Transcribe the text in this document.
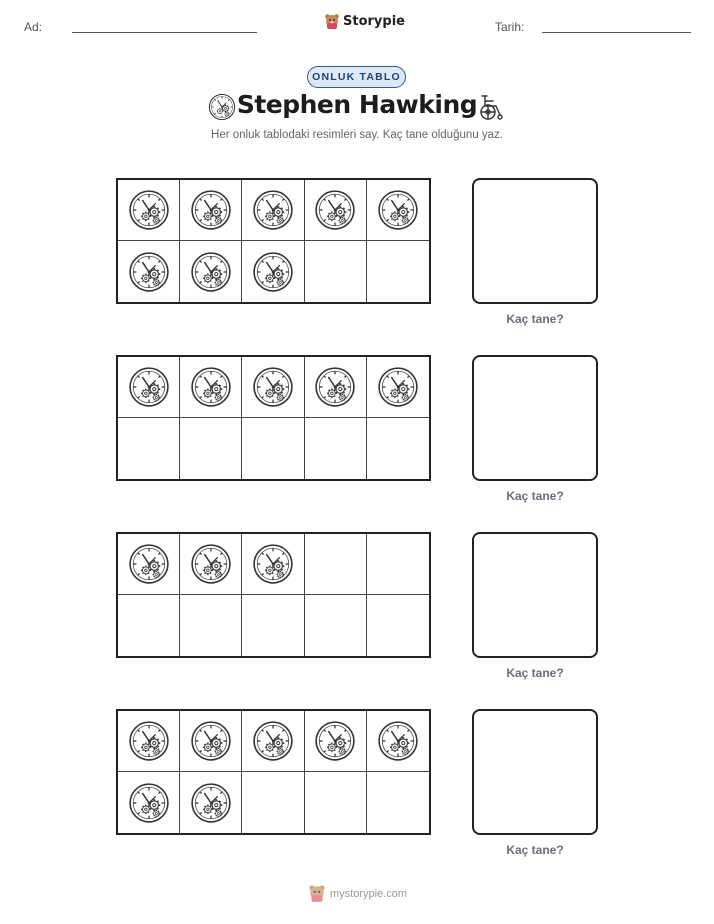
Ad:	Storypie	Tarih:
ONLUK TABLO
Stephen Hawking
Her onluk tablodaki resimleri say. Kaç tane olduğunu yaz.
Kaç tane?
Kaç tane?
Kaç tane?
Kaç tane?
mystorypie.com
